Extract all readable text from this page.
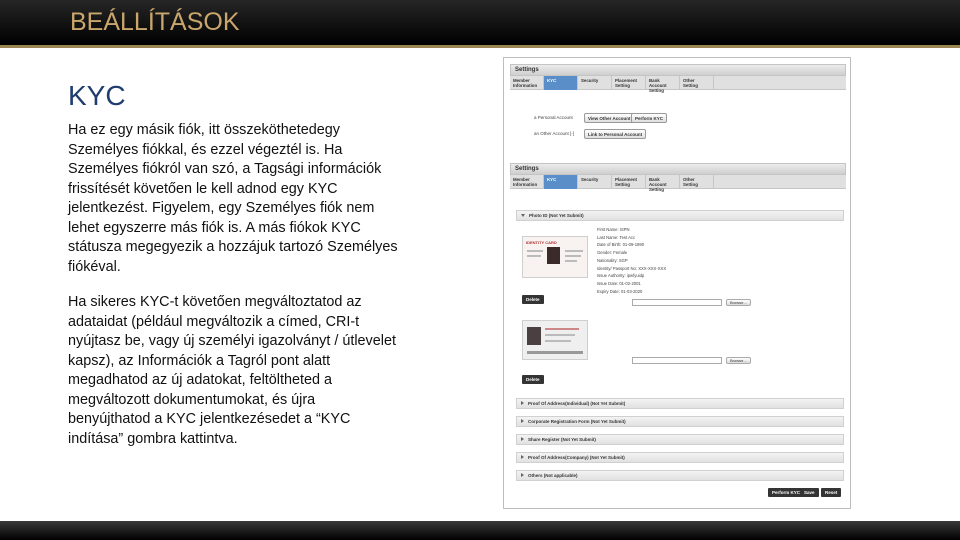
BEÁLLÍTÁSOK
KYC
Ha ez egy másik fiók, itt összeköthetedegy
Személyes fiókkal, és ezzel végeztél is. Ha
Személyes fiókról van szó, a Tagsági információk
frissítését követően le kell adnod egy KYC
jelentkezést. Figyelem, egy Személyes fiók nem
lehet egyszerre más fiók is. A más fiókok KYC
státusza megegyezik a hozzájuk tartozó Személyes
fiókéval.
Ha sikeres KYC-t követően megváltoztatod az
adataidat (például megváltozik a címed, CRI-t
nyújtasz be, vagy új személyi igazolványt / útlevelet
kapsz), az Információk a Tagról pont alatt
megadhatod az új adatokat, feltöltheted a
megváltozott dokumentumokat, és újra
benyújthatod a KYC jelentkezésedet a “KYC
indítása” gombra kattintva.
Settings
Member Information
KYC	Security	Placement Setting
Bank Account Setting
Other Setting
a Personal Account
an Other Account [-]
View Other Account Perform KYC
Link to Personal Account
Settings
Member Information
KYC	Security	Placement Setting
Bank Account Setting
Other Setting
Photo ID (Not Yet Submit)
IDENTITY CARD
First Name: ISPN
Last Name: Test Acc
Date of Birth: 01-09-1990
Gender: Female
Nationality: SGP
Identity/ Passport No: XXX-XXX-XXX
Issue Authority: ipwfyuidp
Issue Date: 01-02-2001
Expiry Date: 01-03-2020
Delete
Browse...
Browse...
Delete
Proof Of Address(Individual) (Not Yet Submit)
Corporate Registration Form (Not Yet Submit)
Share Register (Not Yet Submit)
Proof Of Address(Company) (Not Yet Submit)
Others (Not applicable)
Perform KYC Save	Reset
